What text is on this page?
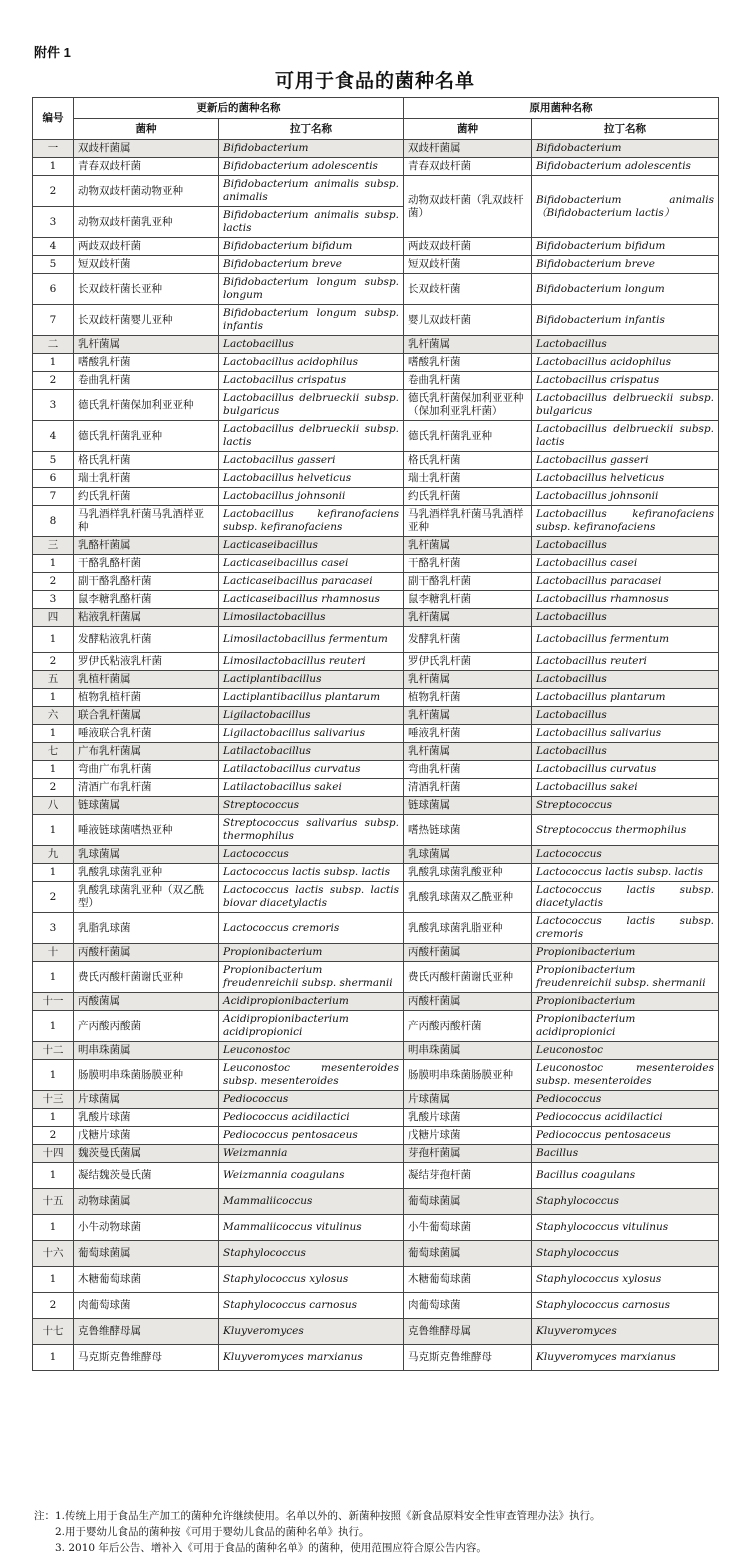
附件 1
可用于食品的菌种名单
编号	更新后的菌种名称		原用菌种名称	
	菌种	拉丁名称	菌种	拉丁名称
一	双歧杆菌属	Bifidobacterium	双歧杆菌属	Bifidobacterium
1	青春双歧杆菌	Bifidobacterium adolescentis	青春双歧杆菌	Bifidobacterium adolescentis
2	动物双歧杆菌动物亚种	Bifidobacterium animalis subsp. animalis	动物双歧杆菌（乳双歧杆菌）	Bifidobacterium animalis （Bifidobacterium lactis）
3	动物双歧杆菌乳亚种	Bifidobacterium animalis subsp. lactis		
4	两歧双歧杆菌	Bifidobacterium bifidum	两歧双歧杆菌	Bifidobacterium bifidum
5	短双歧杆菌	Bifidobacterium breve	短双歧杆菌	Bifidobacterium breve
6	长双歧杆菌长亚种	Bifidobacterium longum subsp. longum	长双歧杆菌	Bifidobacterium longum
7	长双歧杆菌婴儿亚种	Bifidobacterium longum subsp. infantis	婴儿双歧杆菌	Bifidobacterium infantis
二	乳杆菌属	Lactobacillus	乳杆菌属	Lactobacillus
1	嗜酸乳杆菌	Lactobacillus acidophilus	嗜酸乳杆菌	Lactobacillus acidophilus
2	卷曲乳杆菌	Lactobacillus crispatus	卷曲乳杆菌	Lactobacillus crispatus
3	德氏乳杆菌保加利亚亚种	Lactobacillus delbrueckii subsp. bulgaricus	德氏乳杆菌保加利亚亚种（保加利亚乳杆菌）	Lactobacillus delbrueckii subsp. bulgaricus
4	德氏乳杆菌乳亚种	Lactobacillus delbrueckii subsp. lactis	德氏乳杆菌乳亚种	Lactobacillus delbrueckii subsp. lactis
5	格氏乳杆菌	Lactobacillus gasseri	格氏乳杆菌	Lactobacillus gasseri
6	瑞士乳杆菌	Lactobacillus helveticus	瑞士乳杆菌	Lactobacillus helveticus
7	约氏乳杆菌	Lactobacillus johnsonii	约氏乳杆菌	Lactobacillus johnsonii
8	马乳酒样乳杆菌马乳酒样亚种	Lactobacillus kefiranofaciens subsp. kefiranofaciens	马乳酒样乳杆菌马乳酒样亚种	Lactobacillus kefiranofaciens subsp. kefiranofaciens
三	乳酪杆菌属	Lacticaseibacillus	乳杆菌属	Lactobacillus
1	干酪乳酪杆菌	Lacticaseibacillus casei	干酪乳杆菌	Lactobacillus casei
2	副干酪乳酪杆菌	Lacticaseibacillus paracasei	副干酪乳杆菌	Lactobacillus paracasei
3	鼠李糖乳酪杆菌	Lacticaseibacillus rhamnosus	鼠李糖乳杆菌	Lactobacillus rhamnosus
四	粘液乳杆菌属	Limosilactobacillus	乳杆菌属	Lactobacillus
1	发酵粘液乳杆菌	Limosilactobacillus fermentum	发酵乳杆菌	Lactobacillus fermentum
2	罗伊氏粘液乳杆菌	Limosilactobacillus reuteri	罗伊氏乳杆菌	Lactobacillus reuteri
五	乳植杆菌属	Lactiplantibacillus	乳杆菌属	Lactobacillus
1	植物乳植杆菌	Lactiplantibacillus plantarum	植物乳杆菌	Lactobacillus plantarum
六	联合乳杆菌属	Ligilactobacillus	乳杆菌属	Lactobacillus
1	唾液联合乳杆菌	Ligilactobacillus salivarius	唾液乳杆菌	Lactobacillus salivarius
七	广布乳杆菌属	Latilactobacillus	乳杆菌属	Lactobacillus
1	弯曲广布乳杆菌	Latilactobacillus curvatus	弯曲乳杆菌	Lactobacillus curvatus
2	清酒广布乳杆菌	Latilactobacillus sakei	清酒乳杆菌	Lactobacillus sakei
八	链球菌属	Streptococcus	链球菌属	Streptococcus
1	唾液链球菌嗜热亚种	Streptococcus salivarius subsp. thermophilus	嗜热链球菌	Streptococcus thermophilus
九	乳球菌属	Lactococcus	乳球菌属	Lactococcus
1	乳酸乳球菌乳亚种	Lactococcus lactis subsp. lactis	乳酸乳球菌乳酸亚种	Lactococcus lactis subsp. lactis
2	乳酸乳球菌乳亚种（双乙酰型）	Lactococcus lactis subsp. lactis biovar diacetylactis	乳酸乳球菌双乙酰亚种	Lactococcus lactis subsp. diacetylactis
3	乳脂乳球菌	Lactococcus cremoris	乳酸乳球菌乳脂亚种	Lactococcus lactis subsp. cremoris
十	丙酸杆菌属	Propionibacterium	丙酸杆菌属	Propionibacterium
1	费氏丙酸杆菌谢氏亚种	Propionibacterium freudenreichii subsp. shermanii	费氏丙酸杆菌谢氏亚种	Propionibacterium freudenreichii subsp. shermanii
十一	丙酸菌属	Acidipropionibacterium	丙酸杆菌属	Propionibacterium
1	产丙酸丙酸菌	Acidipropionibacterium acidipropionici	产丙酸丙酸杆菌	Propionibacterium acidipropionici
十二	明串珠菌属	Leuconostoc	明串珠菌属	Leuconostoc
1	肠膜明串珠菌肠膜亚种	Leuconostoc mesenteroides subsp. mesenteroides	肠膜明串珠菌肠膜亚种	Leuconostoc mesenteroides subsp. mesenteroides
十三	片球菌属	Pediococcus	片球菌属	Pediococcus
1	乳酸片球菌	Pediococcus acidilactici	乳酸片球菌	Pediococcus acidilactici
2	戊糖片球菌	Pediococcus pentosaceus	戊糖片球菌	Pediococcus pentosaceus
十四	魏茨曼氏菌属	Weizmannia	芽孢杆菌属	Bacillus
1	凝结魏茨曼氏菌	Weizmannia coagulans	凝结芽孢杆菌	Bacillus coagulans
十五	动物球菌属	Mammaliicoccus	葡萄球菌属	Staphylococcus
1	小牛动物球菌	Mammaliicoccus vitulinus	小牛葡萄球菌	Staphylococcus vitulinus
十六	葡萄球菌属	Staphylococcus	葡萄球菌属	Staphylococcus
1	木糖葡萄球菌	Staphylococcus xylosus	木糖葡萄球菌	Staphylococcus xylosus
2	肉葡萄球菌	Staphylococcus carnosus	肉葡萄球菌	Staphylococcus carnosus
十七	克鲁维酵母属	Kluyveromyces	克鲁维酵母属	Kluyveromyces
1	马克斯克鲁维酵母	Kluyveromyces marxianus	马克斯克鲁维酵母	Kluyveromyces marxianus
注：1.传统上用于食品生产加工的菌种允许继续使用。名单以外的、新菌种按照《新食品原料安全性审查管理办法》执行。
2.用于婴幼儿食品的菌种按《可用于婴幼儿食品的菌种名单》执行。
3. 2010 年后公告、增补入《可用于食品的菌种名单》的菌种，使用范围应符合原公告内容。
